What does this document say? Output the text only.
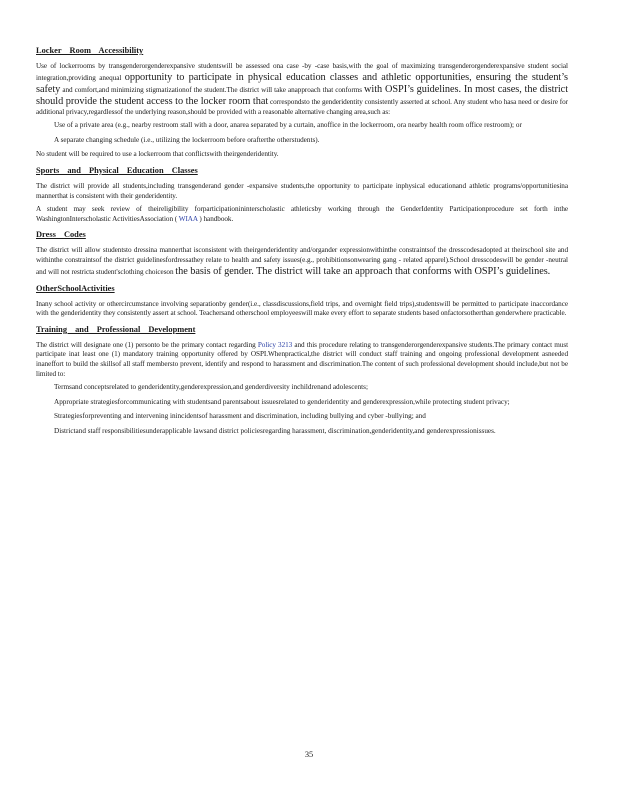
Locker Room Accessibility

Use of lockerrooms by transgenderorgenderexpansive studentswill be assessed ona case -by -case basis,with the goal of maximizing transgenderorgenderexpansive student social integration,providing anequal opportunity to participate in physical education classes and athletic opportunities, ensuring the student’s safety and comfort,and minimizing stigmatizationof the student.The district will take anapproach that conforms with OSPI’s guidelines. In most cases, the district should provide the student access to the locker room that correspondsto the genderidentity consistently asserted at school. Any student who hasa need or desire for additional privacy,regardlessof the underlying reason,should be provided with a reasonable alternative changing area,such as:

Use of a private area (e.g., nearby restroom stall with a door, anarea separated by a curtain, anoffice in the lockerroom, ora nearby health room office restroom); or
A separate changing schedule (i.e., utilizing the lockerroom before orafterthe otherstudents).

No student will be required to use a lockerroom that conflictswith theirgenderidentity.

Sports and Physical Education Classes

The district will provide all students,including transgenderand gender -expansive students,the opportunity to participate inphysical educationand athletic programs/opportunitiesina mannerthat is consistent with their genderidentity.

A student may seek review of theireligibility forparticipationininterscholastic athleticsby working through the GenderIdentity Participationprocedure set forth inthe WashingtonInterscholastic ActivitiesAssociation ( WIAA ) handbook.

Dress Codes

The district will allow studentsto dressina mannerthat isconsistent with theirgenderidentity and/organder expressionwithinthe constraintsof the dresscodesadopted at theirschool site and withinthe constraintsof the district guidelinesfordressathey relate to health and safety issues(e.g., prohibitionsonwearing gang - related apparel).School dresscodeswill be gender -neutral and will not restricta student'sclothing choiceson the basis of gender. The district will take an approach that conforms with OSPI’s guidelines.

OtherSchoolActivities

Inany school activity or othercircumstance involving separationby gender(i.e., classdiscussions,field trips, and overnight field trips),studentswill be permitted to participate inaccordance with the genderidentity they consistently assert at school. Teachersand otherschool employeeswill make every effort to separate students based onfactorsotherthan genderwhere practicable.

Training and Professional Development

The district will designate one (1) personto be the primary contact regarding Policy 3213 and this procedure relating to transgenderorgenderexpansive students.The primary contact must participate inat least one (1) mandatory training opportunity offered by OSPI.Whenpractical,the district will conduct staff training and ongoing professional development asneeded inaneffort to build the skillsof all staff membersto prevent, identify and respond to harassment and discrimination.The content of such professional development should include,but not be limited to:

Termsand conceptsrelated to genderidentity,genderexpression,and genderdiversity inchildrenand adolescents;
Appropriate strategiesforcommunicating with studentsand parentsabout issuesrelated to genderidentity and genderexpression,while protecting student privacy;
Strategiesforpreventing and intervening inincidentsof harassment and discrimination, including bullying and cyber -bullying; and
Districtand staff responsibilitiesunderapplicable lawsand district policiesregarding harassment, discrimination,genderidentity,and genderexpressionissues.
35
